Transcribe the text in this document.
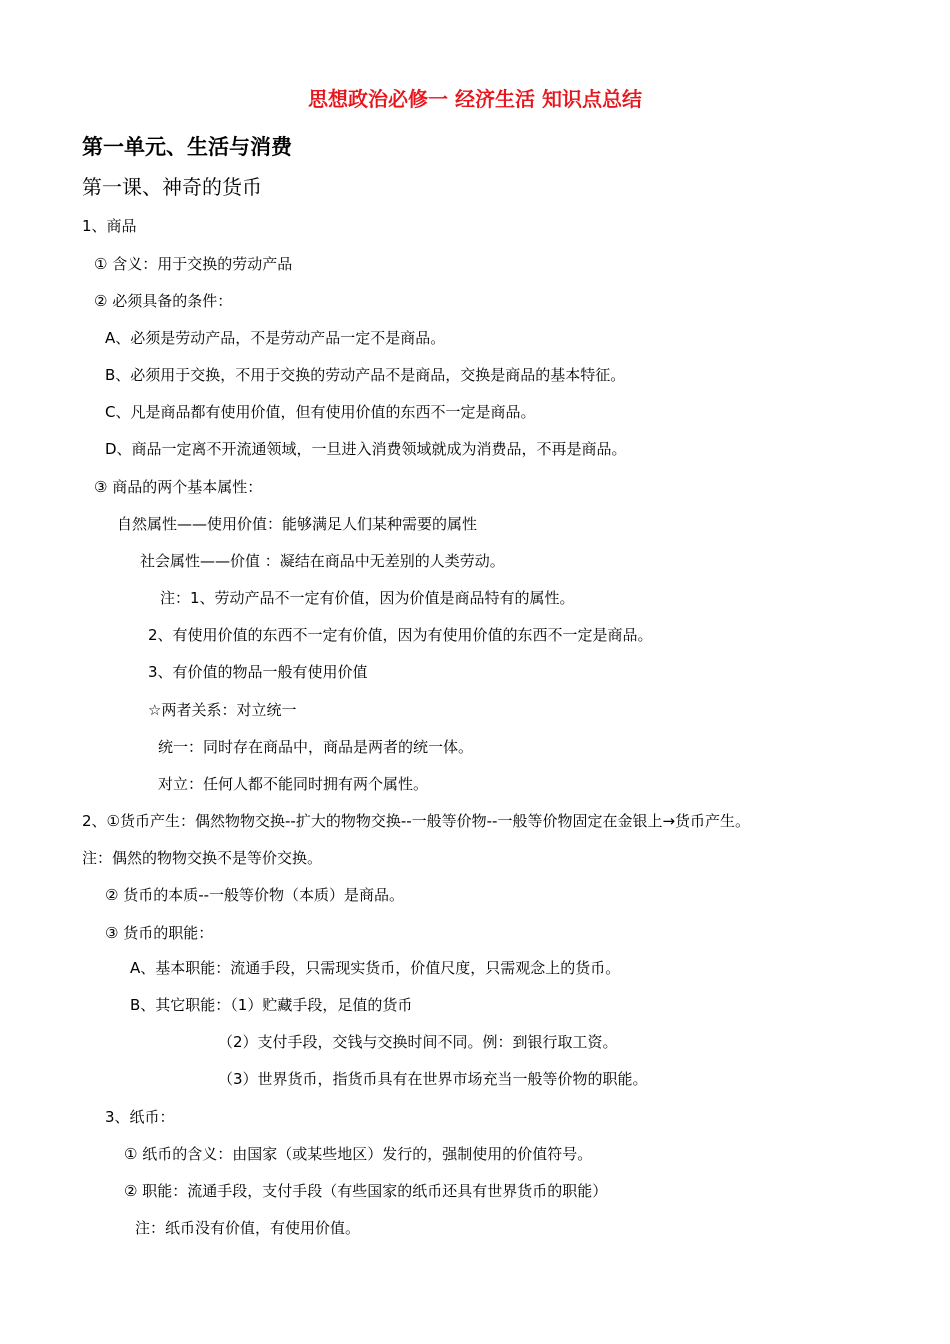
思想政治必修一 经济生活 知识点总结
第一单元、生活与消费
第一课、神奇的货币
1、商品
① 含义：用于交换的劳动产品
② 必须具备的条件：
A、必须是劳动产品，不是劳动产品一定不是商品。
B、必须用于交换，不用于交换的劳动产品不是商品，交换是商品的基本特征。
C、凡是商品都有使用价值，但有使用价值的东西不一定是商品。
D、商品一定离不开流通领域，一旦进入消费领域就成为消费品，不再是商品。
③ 商品的两个基本属性：
自然属性——使用价值：能够满足人们某种需要的属性
社会属性——价值 ：凝结在商品中无差别的人类劳动。
注：1、劳动产品不一定有价值，因为价值是商品特有的属性。
2、有使用价值的东西不一定有价值，因为有使用价值的东西不一定是商品。
3、有价值的物品一般有使用价值
☆两者关系：对立统一
统一：同时存在商品中，商品是两者的统一体。
对立：任何人都不能同时拥有两个属性。
2、①货币产生：偶然物物交换--扩大的物物交换--一般等价物--一般等价物固定在金银上→货币产生。
注：偶然的物物交换不是等价交换。
② 货币的本质--一般等价物（本质）是商品。
③ 货币的职能：
A、基本职能：流通手段，只需现实货币，价值尺度，只需观念上的货币。
B、其它职能：（1）贮藏手段，足值的货币
（2）支付手段，交钱与交换时间不同。例：到银行取工资。
（3）世界货币，指货币具有在世界市场充当一般等价物的职能。
3、纸币：
① 纸币的含义：由国家（或某些地区）发行的，强制使用的价值符号。
② 职能：流通手段，支付手段（有些国家的纸币还具有世界货币的职能）
注：纸币没有价值，有使用价值。
